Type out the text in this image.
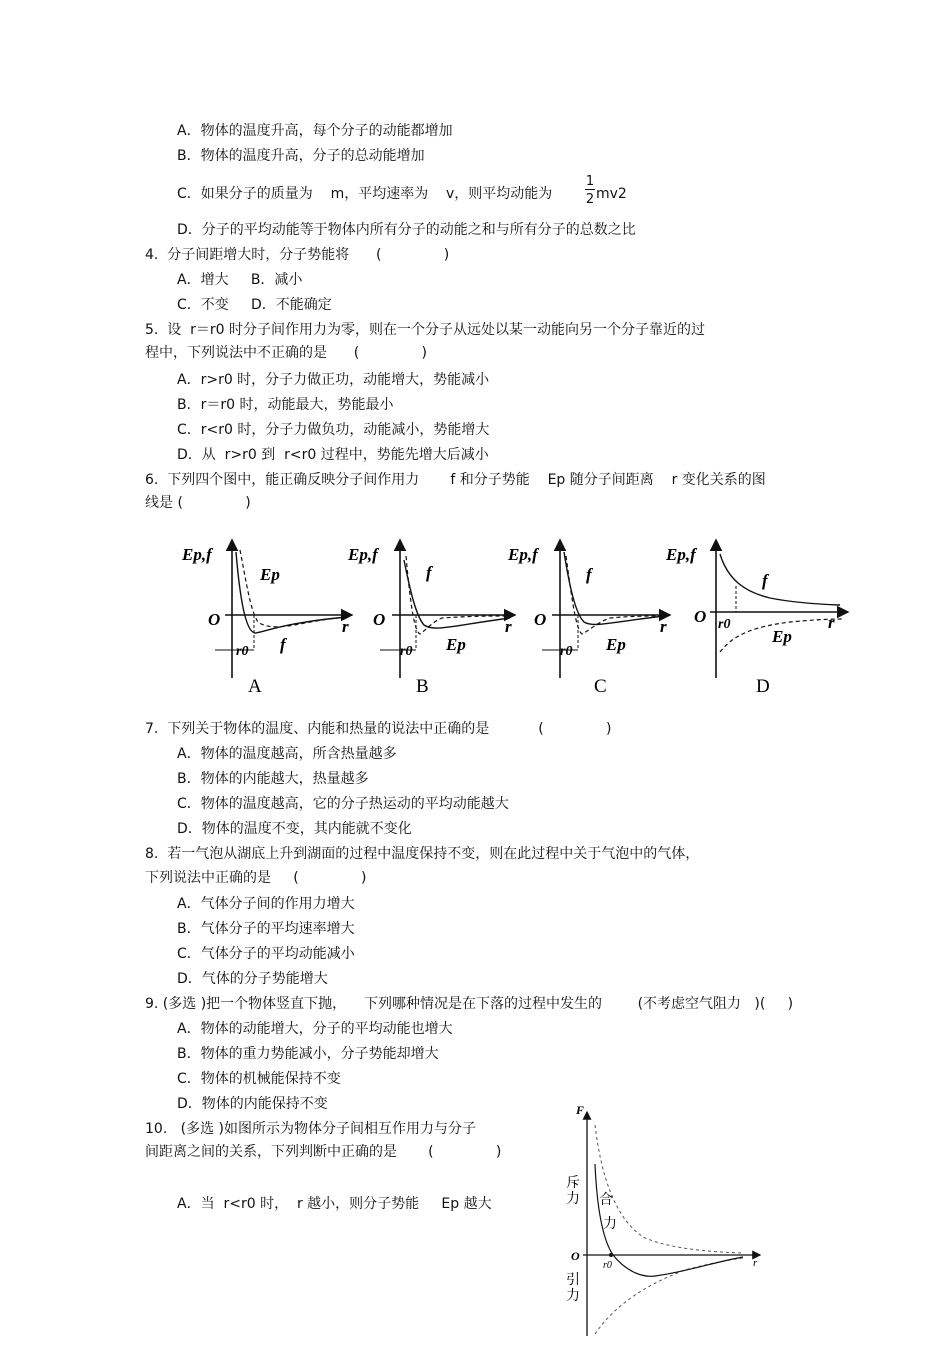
A．物体的温度升高，每个分子的动能都增加
B．物体的温度升高，分子的总动能增加
C．如果分子的质量为    m，平均速率为    v，则平均动能为
1
2 mv2
D．分子的平均动能等于物体内所有分子的动能之和与所有分子的总数之比
4.  分子间距增大时，分子势能将      (              )
A．增大     B．减小
C．不变     D．不能确定
5.  设  r＝r0 时分子间作用力为零，则在一个分子从远处以某一动能向另一个分子靠近的过
程中，下列说法中不正确的是      (              )
A．r>r0 时，分子力做正功，动能增大，势能减小
B．r＝r0 时，动能最大，势能最小
C．r<r0 时，分子力做负功，动能减小，势能增大
D．从  r>r0 到  r<r0 过程中，势能先增大后减小
6.  下列四个图中，能正确反映分子间作用力       f 和分子势能    Ep 随分子间距离    r 变化关系的图
线是 (              )
Ep,f
Ep
O	r
r0 f
A
Ep,f
f
O	r
r0 Ep
B
Ep,f
f
O	r
r0 Ep
C
Ep,f
f
O	r
r0
Ep
D
7.  下列关于物体的温度、内能和热量的说法中正确的是           (              )
A．物体的温度越高，所含热量越多
B．物体的内能越大，热量越多
C．物体的温度越高，它的分子热运动的平均动能越大
D．物体的温度不变，其内能就不变化
8.  若一气泡从湖底上升到湖面的过程中温度保持不变，则在此过程中关于气泡中的气体，
下列说法中正确的是     (              )
A．气体分子间的作用力增大
B．气体分子的平均速率增大
C．气体分子的平均动能减小
D．气体的分子势能增大
9. (多选 )把一个物体竖直下抛，    下列哪种情况是在下落的过程中发生的        (不考虑空气阻力   )(     )
A．物体的动能增大，分子的平均动能也增大
B．物体的重力势能减小，分子势能却增大
C．物体的机械能保持不变
D．物体的内能保持不变
10.   (多选 )如图所示为物体分子间相互作用力与分子
间距离之间的关系，下列判断中正确的是       (              )
A．当  r<r0 时，  r 越小，则分子势能     Ep 越大
F
O	r
r0
斥
力 合
力
引
力
